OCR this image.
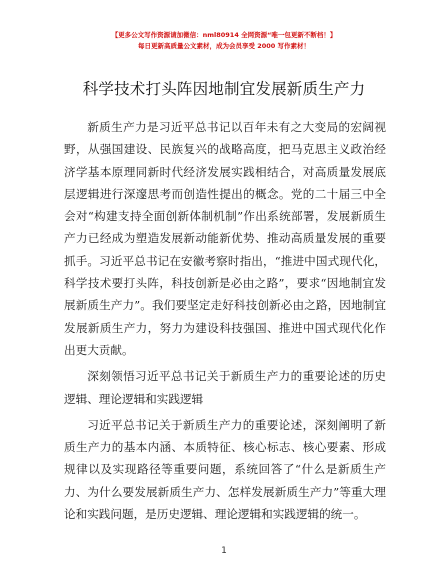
【更多公文写作资源请加微信：nml80914 全网资源“唯一包更新不断档！】
每日更新高质量公文素材，成为会员享受 2000 写作素材！
科学技术打头阵因地制宜发展新质生产力

新质生产力是习近平总书记以百年未有之大变局的宏阔视野，从强国建设、民族复兴的战略高度，把马克思主义政治经济学基本原理同新时代经济发展实践相结合，对高质量发展底层逻辑进行深邃思考而创造性提出的概念。党的二十届三中全会对“构建支持全面创新体制机制”作出系统部署，发展新质生产力已经成为塑造发展新动能新优势、推动高质量发展的重要抓手。习近平总书记在安徽考察时指出，“推进中国式现代化，科学技术要打头阵，科技创新是必由之路”，要求“因地制宜发展新质生产力”。我们要坚定走好科技创新必由之路，因地制宜发展新质生产力，努力为建设科技强国、推进中国式现代化作出更大贡献。

深刻领悟习近平总书记关于新质生产力的重要论述的历史逻辑、理论逻辑和实践逻辑

习近平总书记关于新质生产力的重要论述，深刻阐明了新质生产力的基本内涵、本质特征、核心标志、核心要素、形成规律以及实现路径等重要问题，系统回答了“什么是新质生产力、为什么要发展新质生产力、怎样发展新质生产力”等重大理论和实践问题，是历史逻辑、理论逻辑和实践逻辑的统一。

1
